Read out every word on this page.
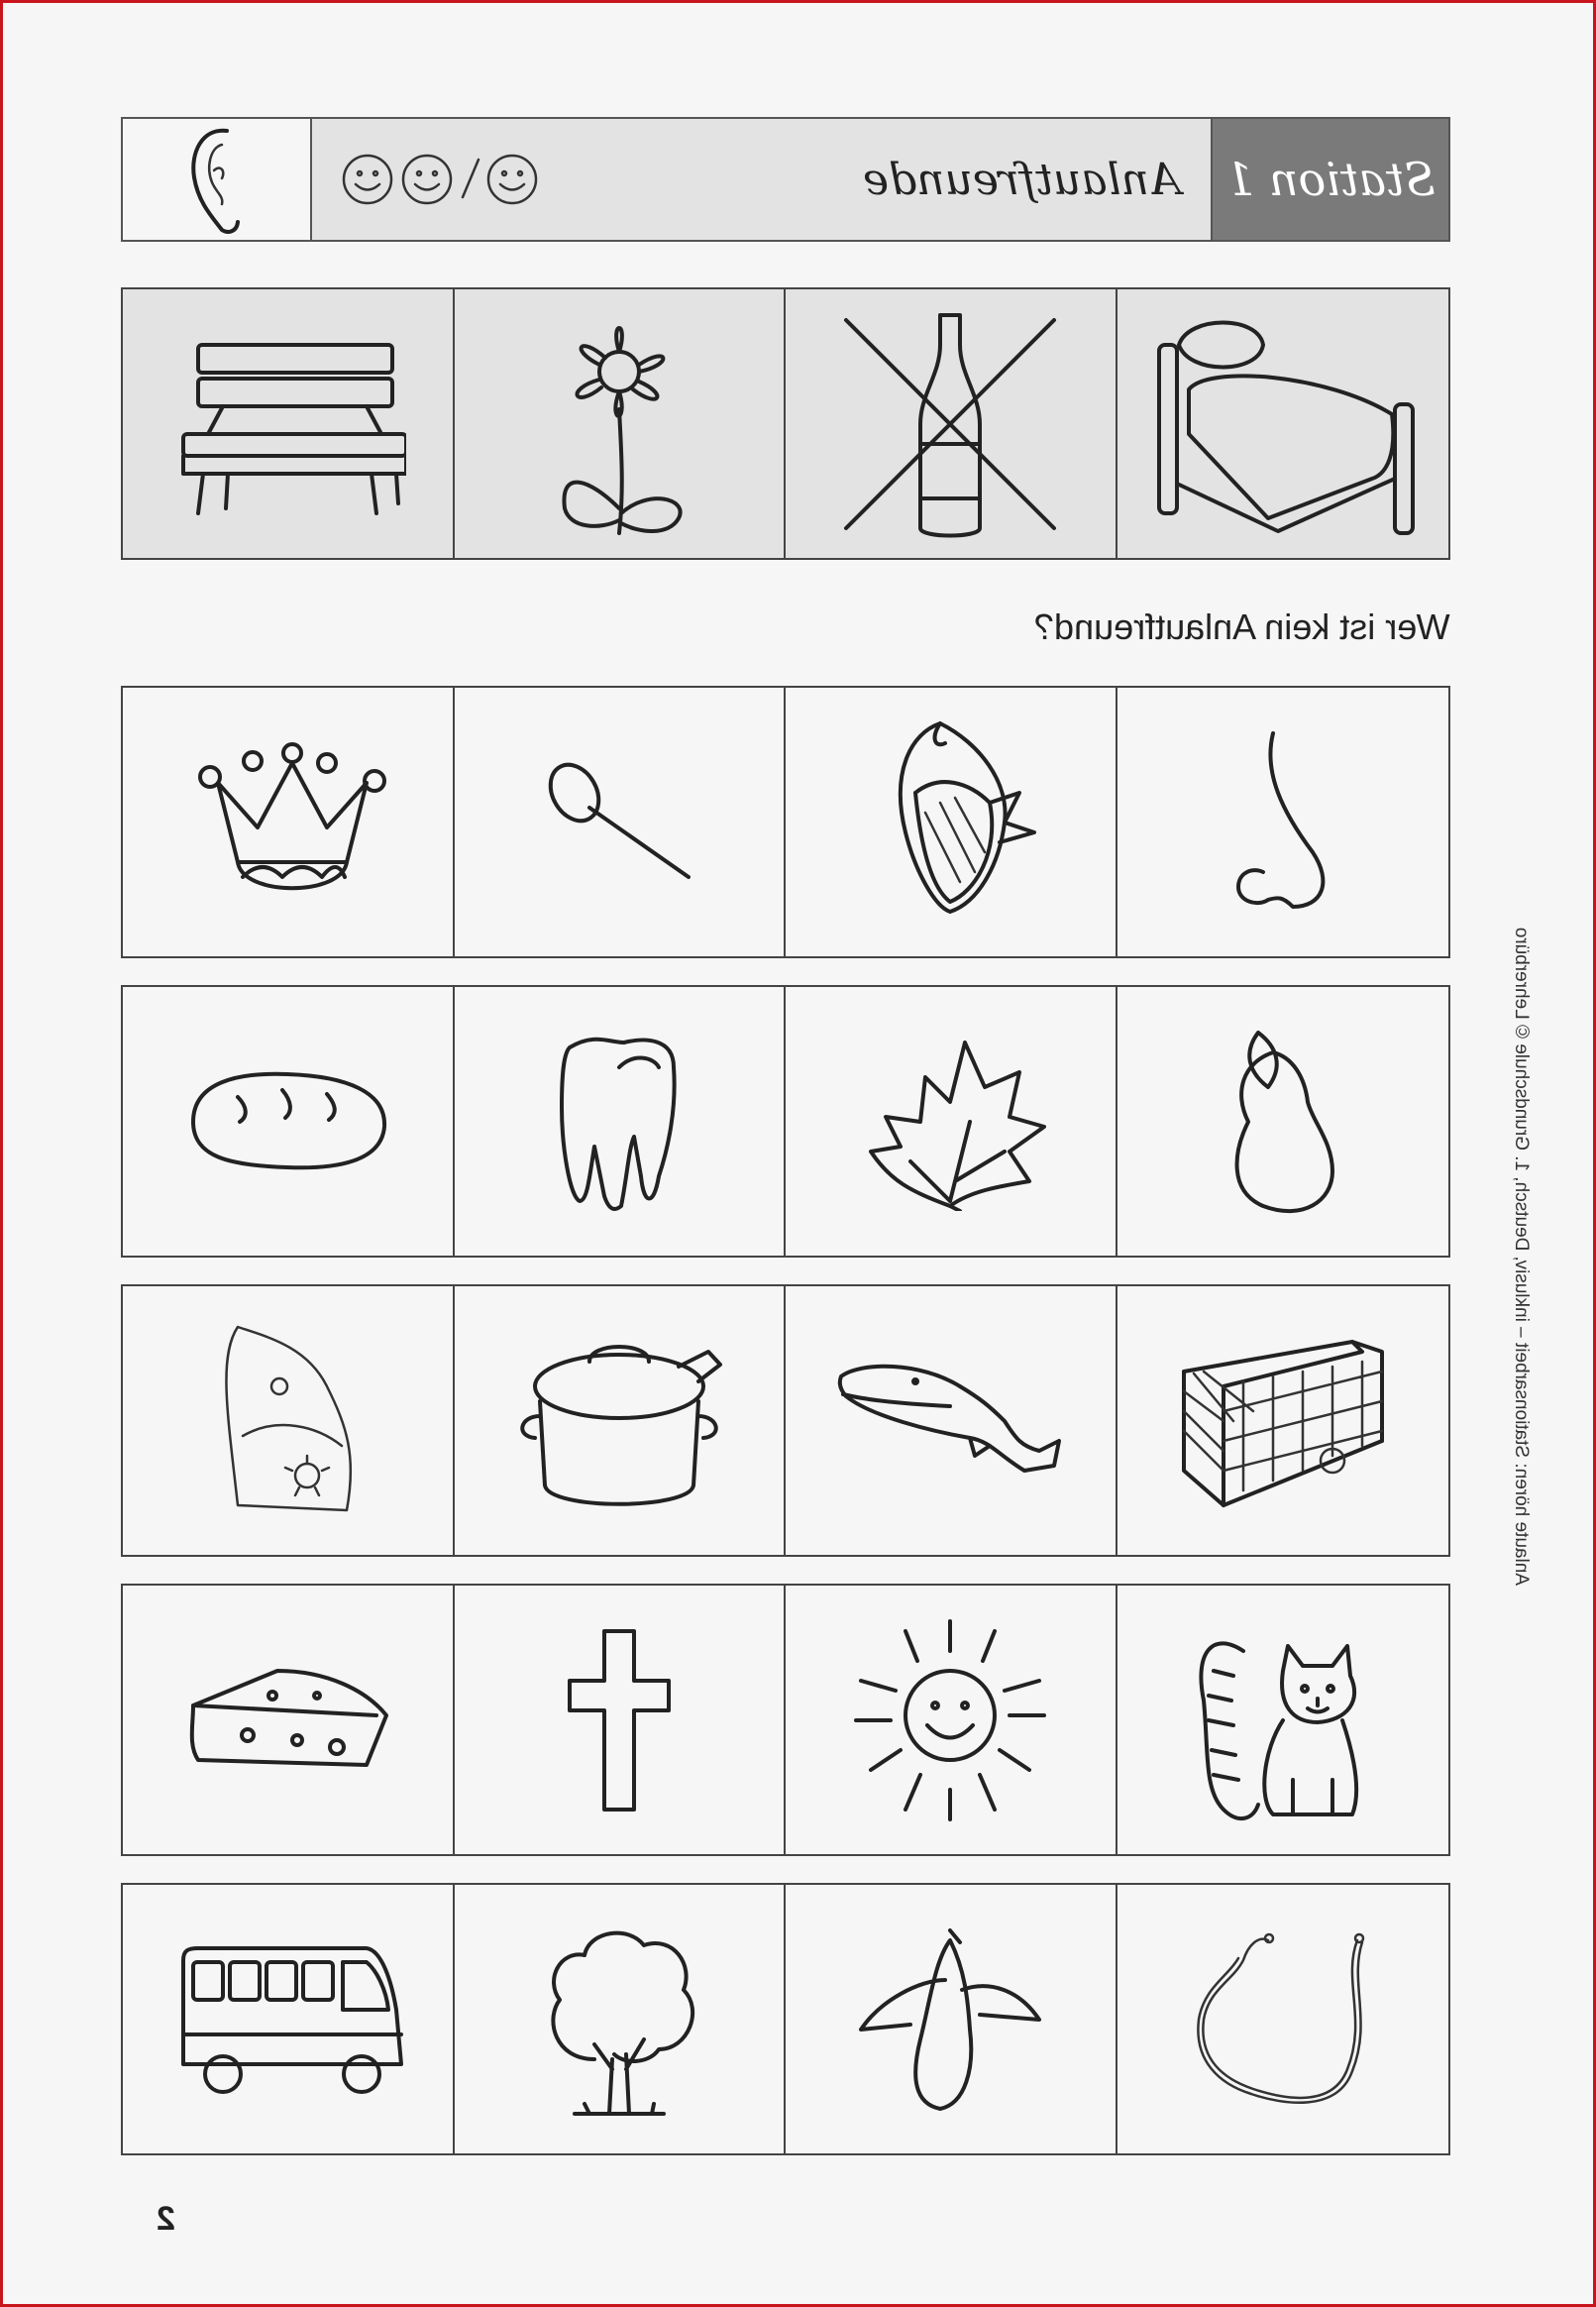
Anlautfreunde Station 1
Wer ist kein Anlautfreund?
Anlaute hören: Stationsarbeit – inklusiv, Deutsch, 1. Grundschule © Lehrerbüro
2
